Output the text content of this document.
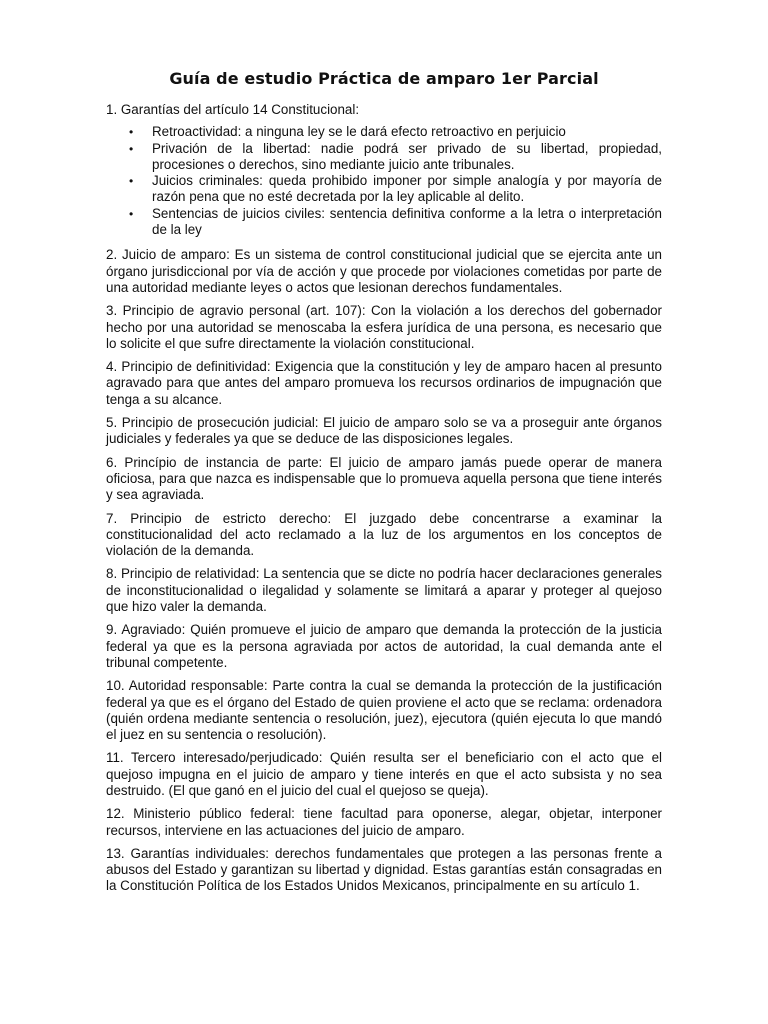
Guía de estudio Práctica de amparo 1er Parcial

1. Garantías del artículo 14 Constitucional:

• Retroactividad: a ninguna ley se le dará efecto retroactivo en perjuicio
• Privación de la libertad: nadie podrá ser privado de su libertad, propiedad, procesiones o derechos, sino mediante juicio ante tribunales.
• Juicios criminales: queda prohibido imponer por simple analogía y por mayoría de razón pena que no esté decretada por la ley aplicable al delito.
• Sentencias de juicios civiles: sentencia definitiva conforme a la letra o interpretación de la ley

2. Juicio de amparo: Es un sistema de control constitucional judicial que se ejercita ante un órgano jurisdiccional por vía de acción y que procede por violaciones cometidas por parte de una autoridad mediante leyes o actos que lesionan derechos fundamentales.

3. Principio de agravio personal (art. 107): Con la violación a los derechos del gobernador hecho por una autoridad se menoscaba la esfera jurídica de una persona, es necesario que lo solicite el que sufre directamente la violación constitucional.

4. Principio de definitividad: Exigencia que la constitución y ley de amparo hacen al presunto agravado para que antes del amparo promueva los recursos ordinarios de impugnación que tenga a su alcance.

5. Principio de prosecución judicial: El juicio de amparo solo se va a proseguir ante órganos judiciales y federales ya que se deduce de las disposiciones legales.

6. Princípio de instancia de parte: El juicio de amparo jamás puede operar de manera oficiosa, para que nazca es indispensable que lo promueva aquella persona que tiene interés y sea agraviada.

7. Principio de estricto derecho: El juzgado debe concentrarse a examinar la constitucionalidad del acto reclamado a la luz de los argumentos en los conceptos de violación de la demanda.

8. Principio de relatividad: La sentencia que se dicte no podría hacer declaraciones generales de inconstitucionalidad o ilegalidad y solamente se limitará a aparar y proteger al quejoso que hizo valer la demanda.

9. Agraviado: Quién promueve el juicio de amparo que demanda la protección de la justicia federal ya que es la persona agraviada por actos de autoridad, la cual demanda ante el tribunal competente.

10. Autoridad responsable: Parte contra la cual se demanda la protección de la justificación federal ya que es el órgano del Estado de quien proviene el acto que se reclama: ordenadora (quién ordena mediante sentencia o resolución, juez), ejecutora (quién ejecuta lo que mandó el juez en su sentencia o resolución).

11. Tercero interesado/perjudicado: Quién resulta ser el beneficiario con el acto que el quejoso impugna en el juicio de amparo y tiene interés en que el acto subsista y no sea destruido. (El que ganó en el juicio del cual el quejoso se queja).

12. Ministerio público federal: tiene facultad para oponerse, alegar, objetar, interponer recursos, interviene en las actuaciones del juicio de amparo.

13. Garantías individuales: derechos fundamentales que protegen a las personas frente a abusos del Estado y garantizan su libertad y dignidad. Estas garantías están consagradas en la Constitución Política de los Estados Unidos Mexicanos, principalmente en su artículo 1.
